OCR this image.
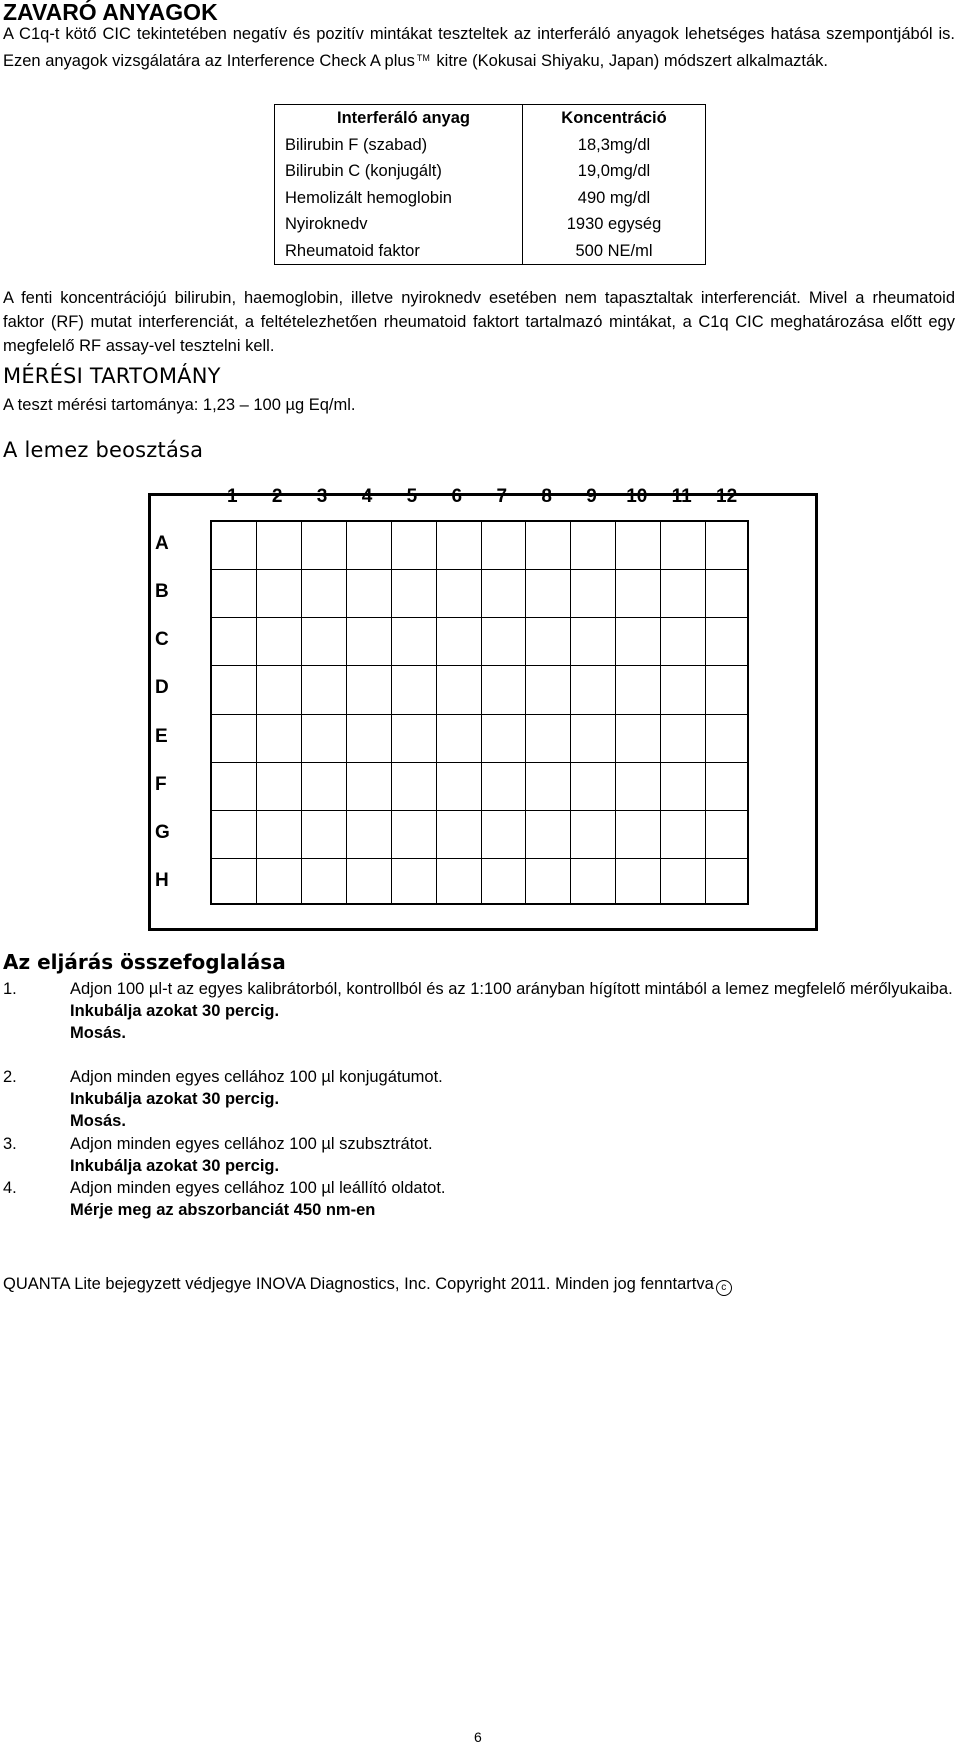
ZAVARÓ ANYAGOK

A C1q-t kötő CIC tekintetében negatív és pozitív mintákat teszteltek az interferáló anyagok lehetséges hatása szempontjából is. Ezen anyagok vizsgálatára az Interference Check A plus ™ kitre (Kokusai Shiyaku, Japan) módszert alkalmazták.

Interferáló anyag	Koncentráció
Bilirubin F (szabad)	18,3mg/dl
Bilirubin C (konjugált)	19,0mg/dl
Hemolizált hemoglobin	490 mg/dl
Nyiroknedv	1930 egység
Rheumatoid faktor	500 NE/ml

A fenti koncentrációjú bilirubin, haemoglobin, illetve nyiroknedv esetében nem tapasztaltak interferenciát. Mivel a rheumatoid faktor (RF) mutat interferenciát, a feltételezhetően rheumatoid faktort tartalmazó mintákat, a C1q CIC meghatározása előtt egy megfelelő RF assay-vel tesztelni kell.

MÉRÉSI TARTOMÁNY

A teszt mérési tartománya: 1,23 – 100 µg Eq/ml.

A lemez beosztása
1 2 3 4 5 6 7 8 9 10 11 12
A
B
C
D
E
F
G
H
Az eljárás összefoglalása
1.	Adjon 100 µl-t az egyes kalibrátorból, kontrollból és az 1:100 arányban hígított mintából a lemez megfelelő mérőlyukaiba.
Inkubálja azokat 30 percig.
Mosás.
2.	Adjon minden egyes cellához 100 µl konjugátumot.
Inkubálja azokat 30 percig.
Mosás.
3.	Adjon minden egyes cellához 100 µl szubsztrátot.
Inkubálja azokat 30 percig.
4.	Adjon minden egyes cellához 100 µl leállító oldatot.
Mérje meg az abszorbanciát 450 nm-en
QUANTA Lite bejegyzett védjegye INOVA Diagnostics, Inc. Copyright 2011. Minden jog fenntartva c
6
